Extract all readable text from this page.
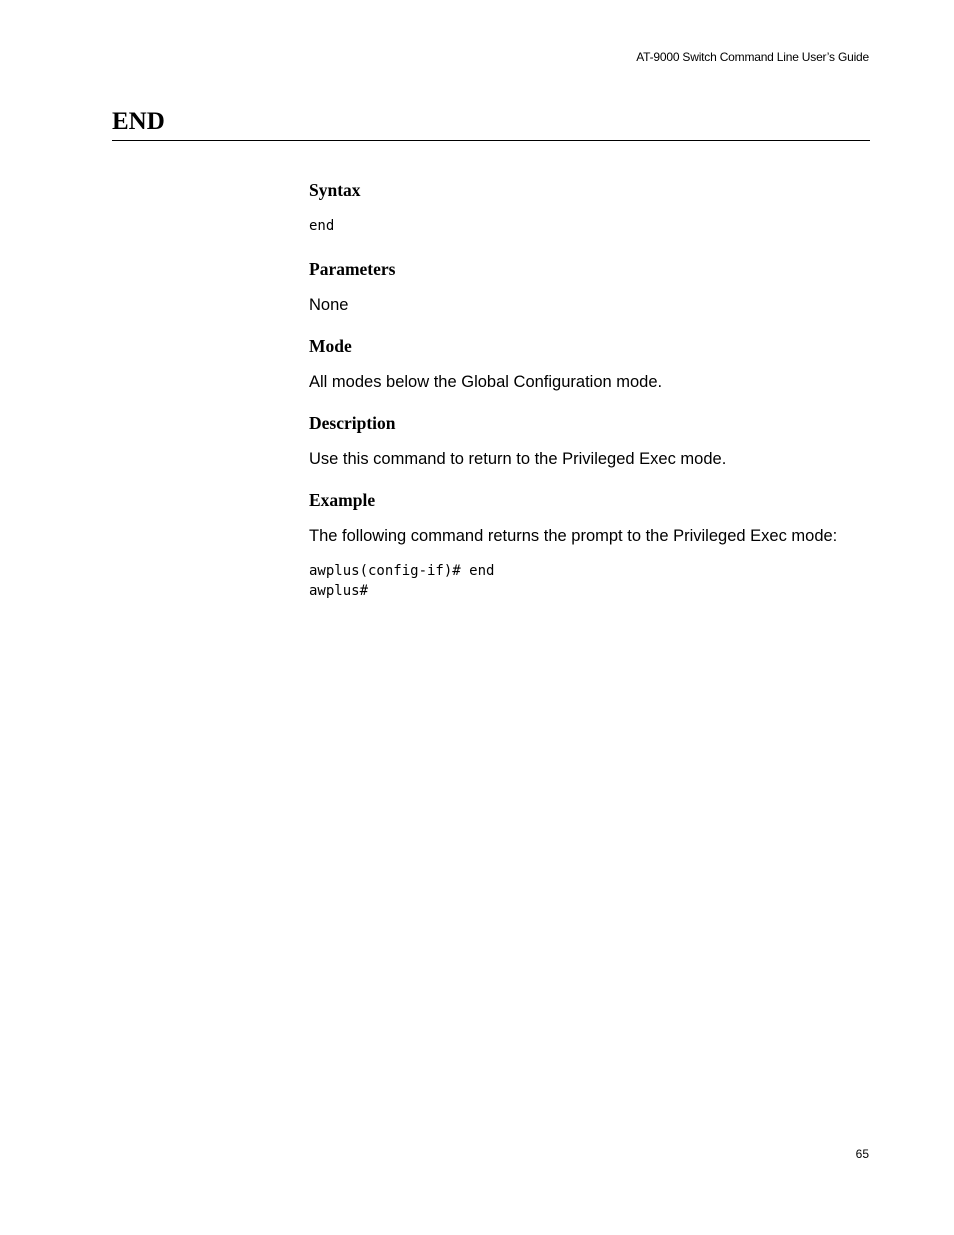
AT-9000 Switch Command Line User’s Guide
END
Syntax
end
Parameters

None

Mode

All modes below the Global Configuration mode.

Description

Use this command to return to the Privileged Exec mode.

Example

The following command returns the prompt to the Privileged Exec mode:

awplus(config-if)# end
awplus#
65
